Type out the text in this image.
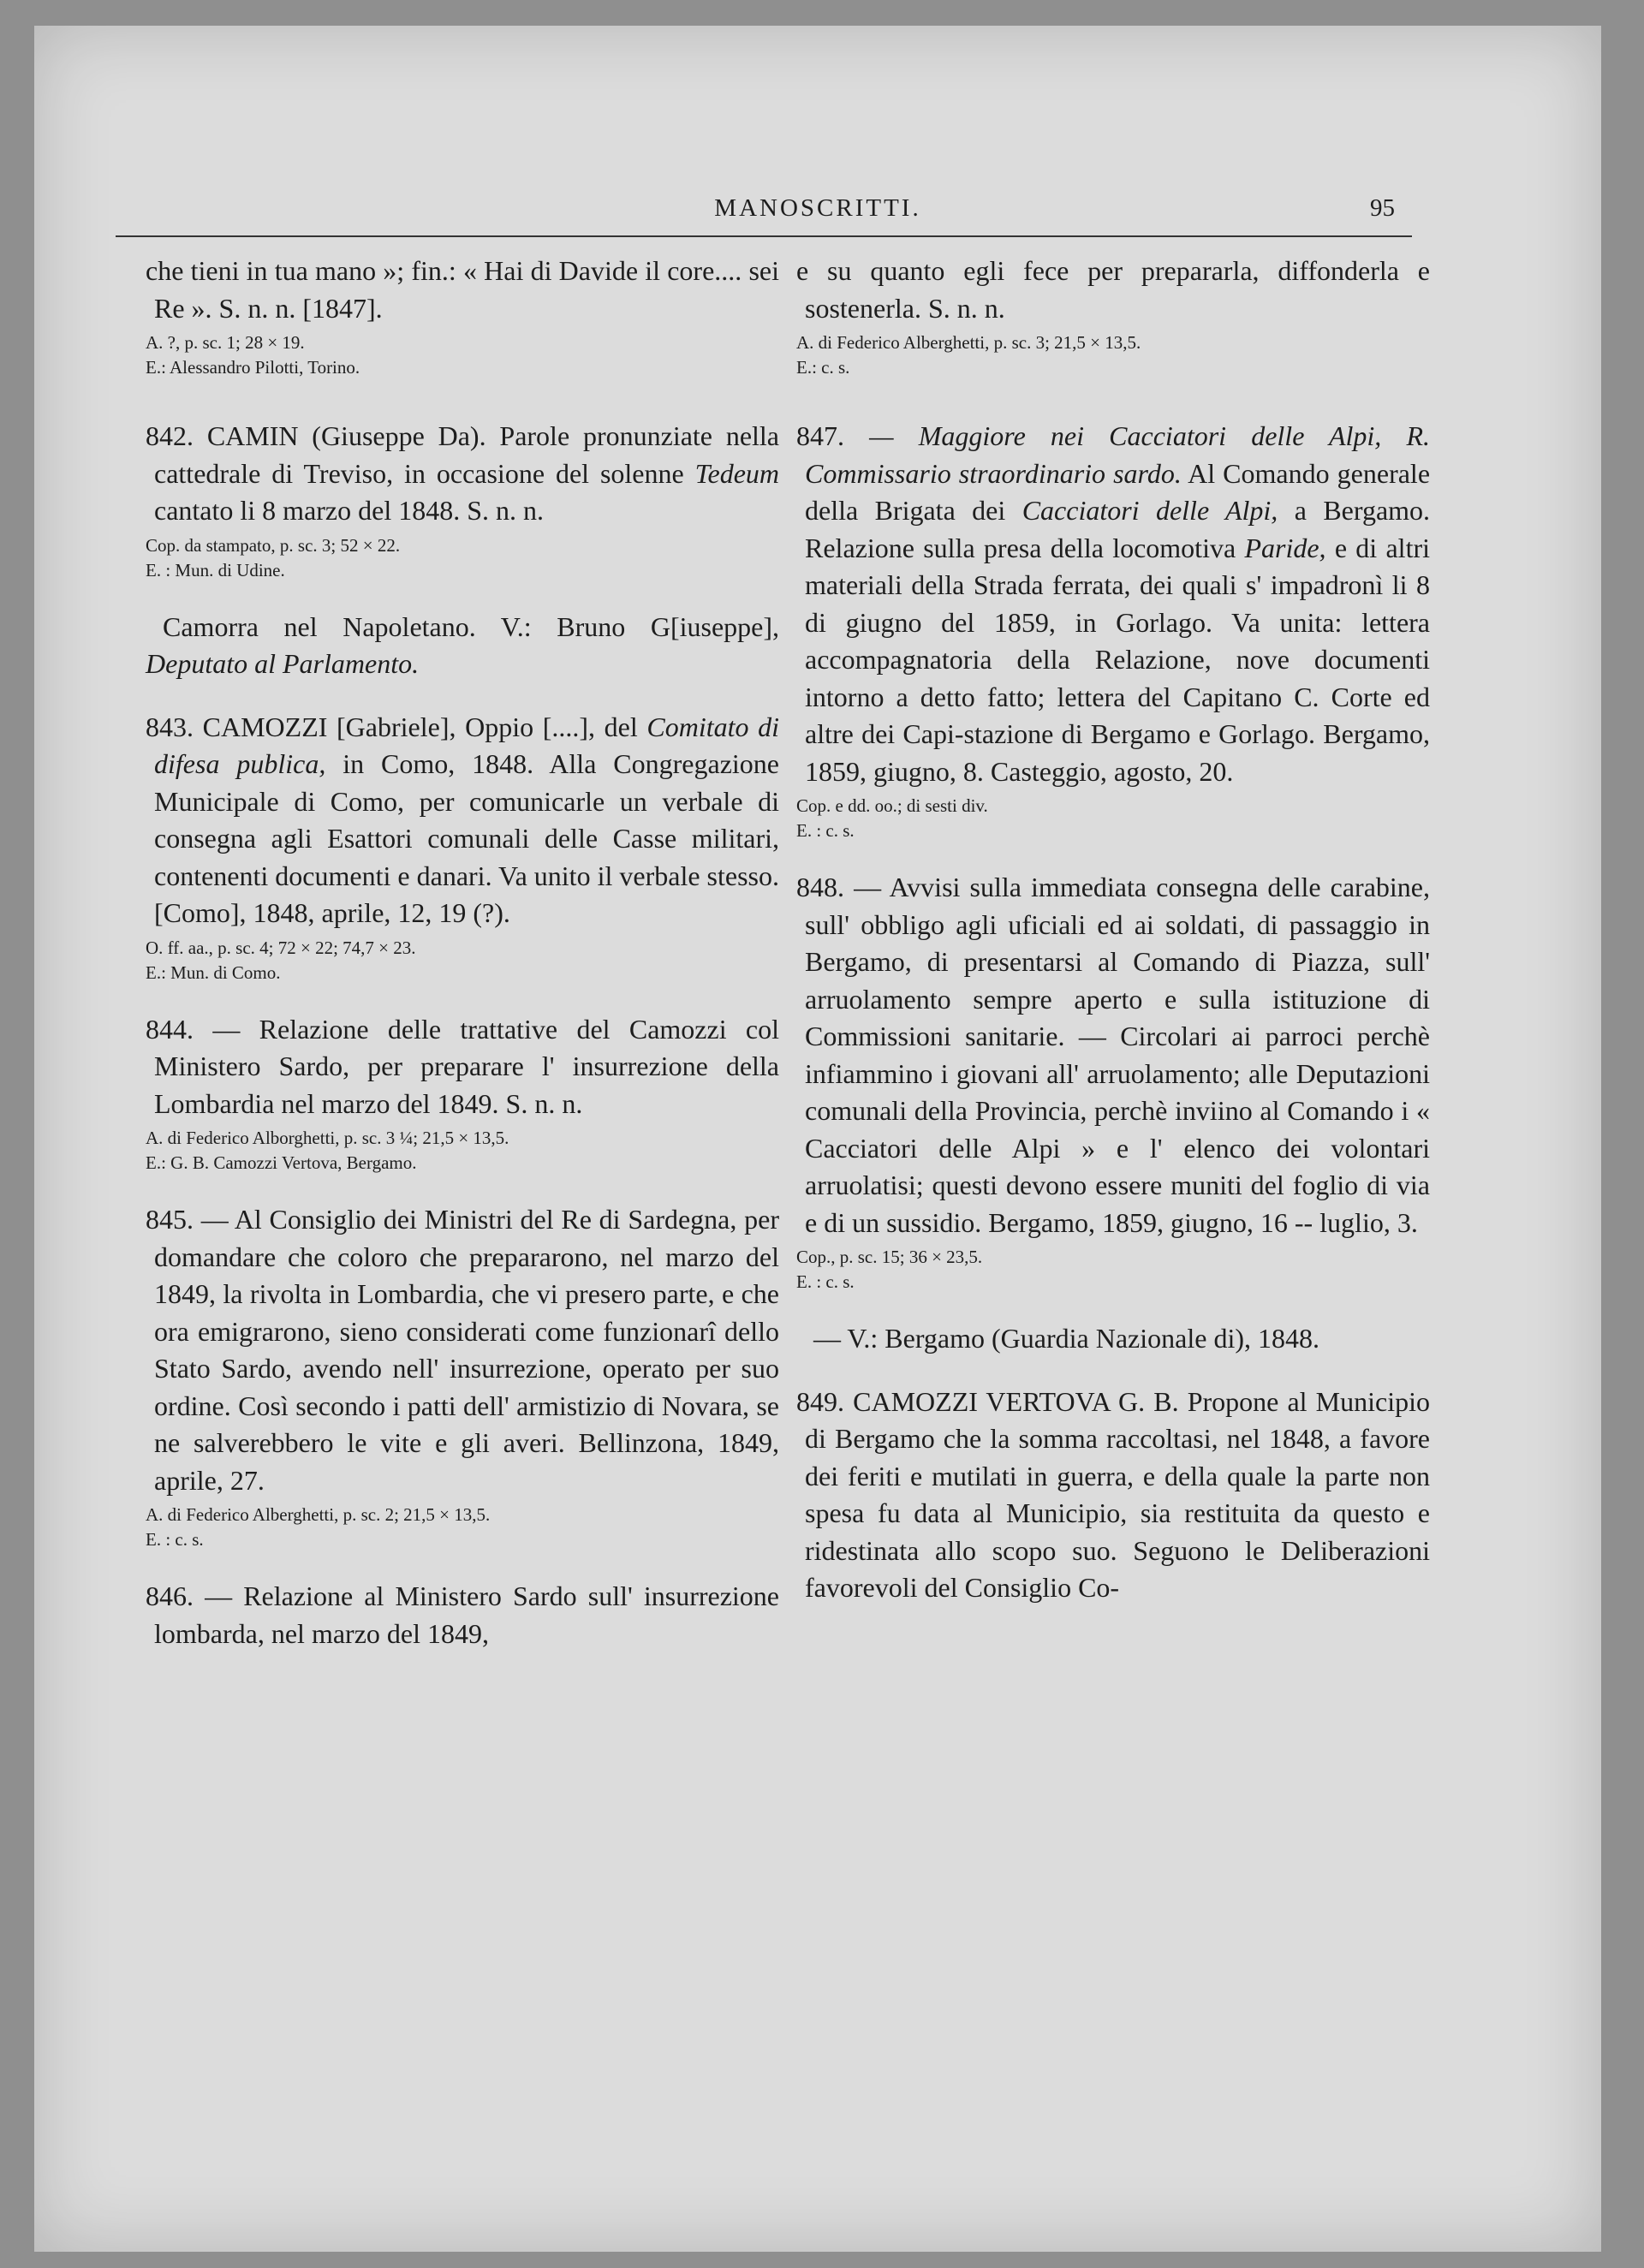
MANOSCRITTI.	95

che tieni in tua mano »; fin.: « Hai di Davide il core.... sei Re ». S. n. n. [1847].

A. ?, p. sc. 1; 28 × 19.
E.: Alessandro Pilotti, Torino.

842. CAMIN (Giuseppe Da). Parole pronunziate nella cattedrale di Treviso, in occasione del solenne Tedeum cantato li 8 marzo del 1848. S. n. n.

Cop. da stampato, p. sc. 3; 52 × 22.
E. : Mun. di Udine.

Camorra nel Napoletano. V.: Bruno G[iuseppe], Deputato al Parlamento.

843. CAMOZZI [Gabriele], Oppio [....], del Comitato di difesa publica, in Como, 1848. Alla Congregazione Municipale di Como, per comunicarle un verbale di consegna agli Esattori comunali delle Casse militari, contenenti documenti e danari. Va unito il verbale stesso. [Como], 1848, aprile, 12, 19 (?).

O. ff. aa., p. sc. 4; 72 × 22; 74,7 × 23.
E.: Mun. di Como.

844. — Relazione delle trattative del Camozzi col Ministero Sardo, per preparare l' insurrezione della Lombardia nel marzo del 1849. S. n. n.

A. di Federico Alborghetti, p. sc. 3 ¼; 21,5 × 13,5.
E.: G. B. Camozzi Vertova, Bergamo.

845. — Al Consiglio dei Ministri del Re di Sardegna, per domandare che coloro che prepararono, nel marzo del 1849, la rivolta in Lombardia, che vi presero parte, e che ora emigrarono, sieno considerati come funzionarî dello Stato Sardo, avendo nell' insurrezione, operato per suo ordine. Così secondo i patti dell' armistizio di Novara, se ne salverebbero le vite e gli averi. Bellinzona, 1849, aprile, 27.

A. di Federico Alberghetti, p. sc. 2; 21,5 × 13,5.
E. : c. s.

846. — Relazione al Ministero Sardo sull' insurrezione lombarda, nel marzo del 1849,

e su quanto egli fece per prepararla, diffonderla e sostenerla. S. n. n.

A. di Federico Alberghetti, p. sc. 3; 21,5 × 13,5.
E.: c. s.

847. — Maggiore nei Cacciatori delle Alpi, R. Commissario straordinario sardo. Al Comando generale della Brigata dei Cacciatori delle Alpi, a Bergamo. Relazione sulla presa della locomotiva Paride, e di altri materiali della Strada ferrata, dei quali s' impadronì li 8 di giugno del 1859, in Gorlago. Va unita: lettera accompagnatoria della Relazione, nove documenti intorno a detto fatto; lettera del Capitano C. Corte ed altre dei Capi-stazione di Bergamo e Gorlago. Bergamo, 1859, giugno, 8. Casteggio, agosto, 20.

Cop. e dd. oo.; di sesti div.
E. : c. s.

848. — Avvisi sulla immediata consegna delle carabine, sull' obbligo agli uficiali ed ai soldati, di passaggio in Bergamo, di presentarsi al Comando di Piazza, sull' arruolamento sempre aperto e sulla istituzione di Commissioni sanitarie. — Circolari ai parroci perchè infiammino i giovani all' arruolamento; alle Deputazioni comunali della Provincia, perchè inviino al Comando i « Cacciatori delle Alpi » e l' elenco dei volontari arruolatisi; questi devono essere muniti del foglio di via e di un sussidio. Bergamo, 1859, giugno, 16 -- luglio, 3.

Cop., p. sc. 15; 36 × 23,5.
E. : c. s.

— V.: Bergamo (Guardia Nazionale di), 1848.

849. CAMOZZI VERTOVA G. B. Propone al Municipio di Bergamo che la somma raccoltasi, nel 1848, a favore dei feriti e mutilati in guerra, e della quale la parte non spesa fu data al Municipio, sia restituita da questo e ridestinata allo scopo suo. Seguono le Deliberazioni favorevoli del Consiglio Co-
